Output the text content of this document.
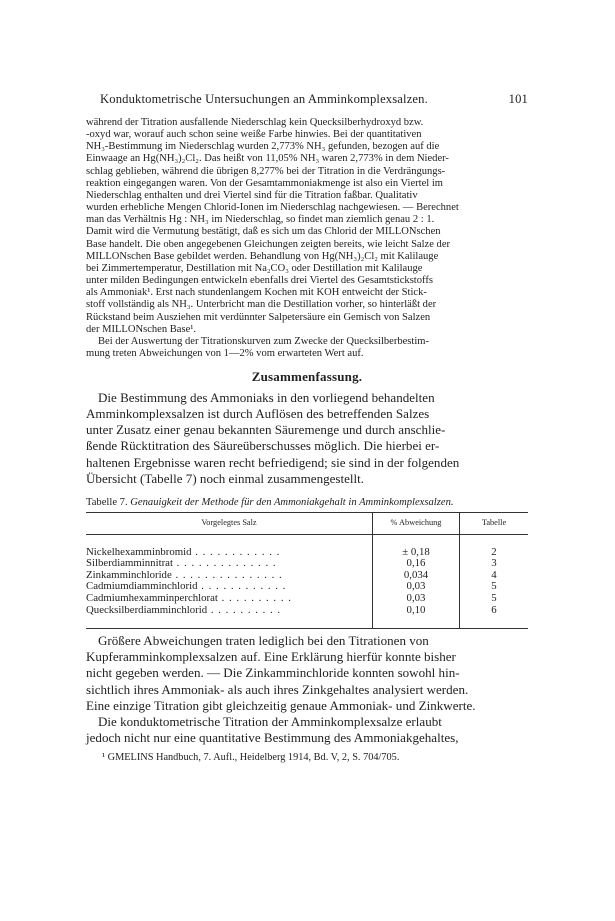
Konduktometrische Untersuchungen an Amminkomplexsalzen.	101

während der Titration ausfallende Niederschlag kein Quecksilberhydroxyd bzw.
-oxyd war, worauf auch schon seine weiße Farbe hinwies. Bei der quantitativen
NH₃-Bestimmung im Niederschlag wurden 2,773% NH₃ gefunden, bezogen auf die
Einwaage an Hg(NH₃)₂Cl₂. Das heißt von 11,05% NH₃ waren 2,773% in dem Nieder-
schlag geblieben, während die übrigen 8,277% bei der Titration in die Verdrängungs-
reaktion eingegangen waren. Von der Gesamtammoniakmenge ist also ein Viertel im
Niederschlag enthalten und drei Viertel sind für die Titration faßbar. Qualitativ
wurden erhebliche Mengen Chlorid-Ionen im Niederschlag nachgewiesen. — Berechnet
man das Verhältnis Hg : NH₃ im Niederschlag, so findet man ziemlich genau 2 : 1.
Damit wird die Vermutung bestätigt, daß es sich um das Chlorid der MILLONschen
Base handelt. Die oben angegebenen Gleichungen zeigten bereits, wie leicht Salze der
MILLONschen Base gebildet werden. Behandlung von Hg(NH₃)₂Cl₂ mit Kalilauge
bei Zimmertemperatur, Destillation mit Na₂CO₃ oder Destillation mit Kalilauge
unter milden Bedingungen entwickeln ebenfalls drei Viertel des Gesamtstickstoffs
als Ammoniak¹. Erst nach stundenlangem Kochen mit KOH entweicht der Stick-
stoff vollständig als NH₃. Unterbricht man die Destillation vorher, so hinterläßt der
Rückstand beim Ausziehen mit verdünnter Salpetersäure ein Gemisch von Salzen
der MILLONschen Base¹.

Bei der Auswertung der Titrationskurven zum Zwecke der Quecksilberbestim-
mung treten Abweichungen von 1—2% vom erwarteten Wert auf.

Zusammenfassung.
Die Bestimmung des Ammoniaks in den vorliegend behandelten
Amminkomplexsalzen ist durch Auflösen des betreffenden Salzes
unter Zusatz einer genau bekannten Säuremenge und durch anschlie-
ßende Rücktitration des Säureüberschusses möglich. Die hierbei er-
haltenen Ergebnisse waren recht befriedigend; sie sind in der folgenden
Übersicht (Tabelle 7) noch einmal zusammengestellt.
Tabelle 7. Genauigkeit der Methode für den Ammoniakgehalt in Amminkomplexsalzen.
Vorgelegtes Salz	% Abweichung	Tabelle
Nickelhexamminbromid . . . . . . . . . . . .	± 0,18	2
Silberdiamminnitrat . . . . . . . . . . . . . .	0,16	3
Zinkamminchloride . . . . . . . . . . . . . . .	0,034	4
Cadmiumdiamminchlorid . . . . . . . . . . . .	0,03	5
Cadmiumhexamminperchlorat . . . . . . . . . .	0,03	5
Quecksilberdiamminchlorid . . . . . . . . . .	0,10	6
Größere Abweichungen traten lediglich bei den Titrationen von
Kupferamminkomplexsalzen auf. Eine Erklärung hierfür konnte bisher
nicht gegeben werden. — Die Zinkamminchloride konnten sowohl hin-
sichtlich ihres Ammoniak- als auch ihres Zinkgehaltes analysiert werden.
Eine einzige Titration gibt gleichzeitig genaue Ammoniak- und Zinkwerte.
Die konduktometrische Titration der Amminkomplexsalze erlaubt
jedoch nicht nur eine quantitative Bestimmung des Ammoniakgehaltes,
¹ GMELINS Handbuch, 7. Aufl., Heidelberg 1914, Bd. V, 2, S. 704/705.
